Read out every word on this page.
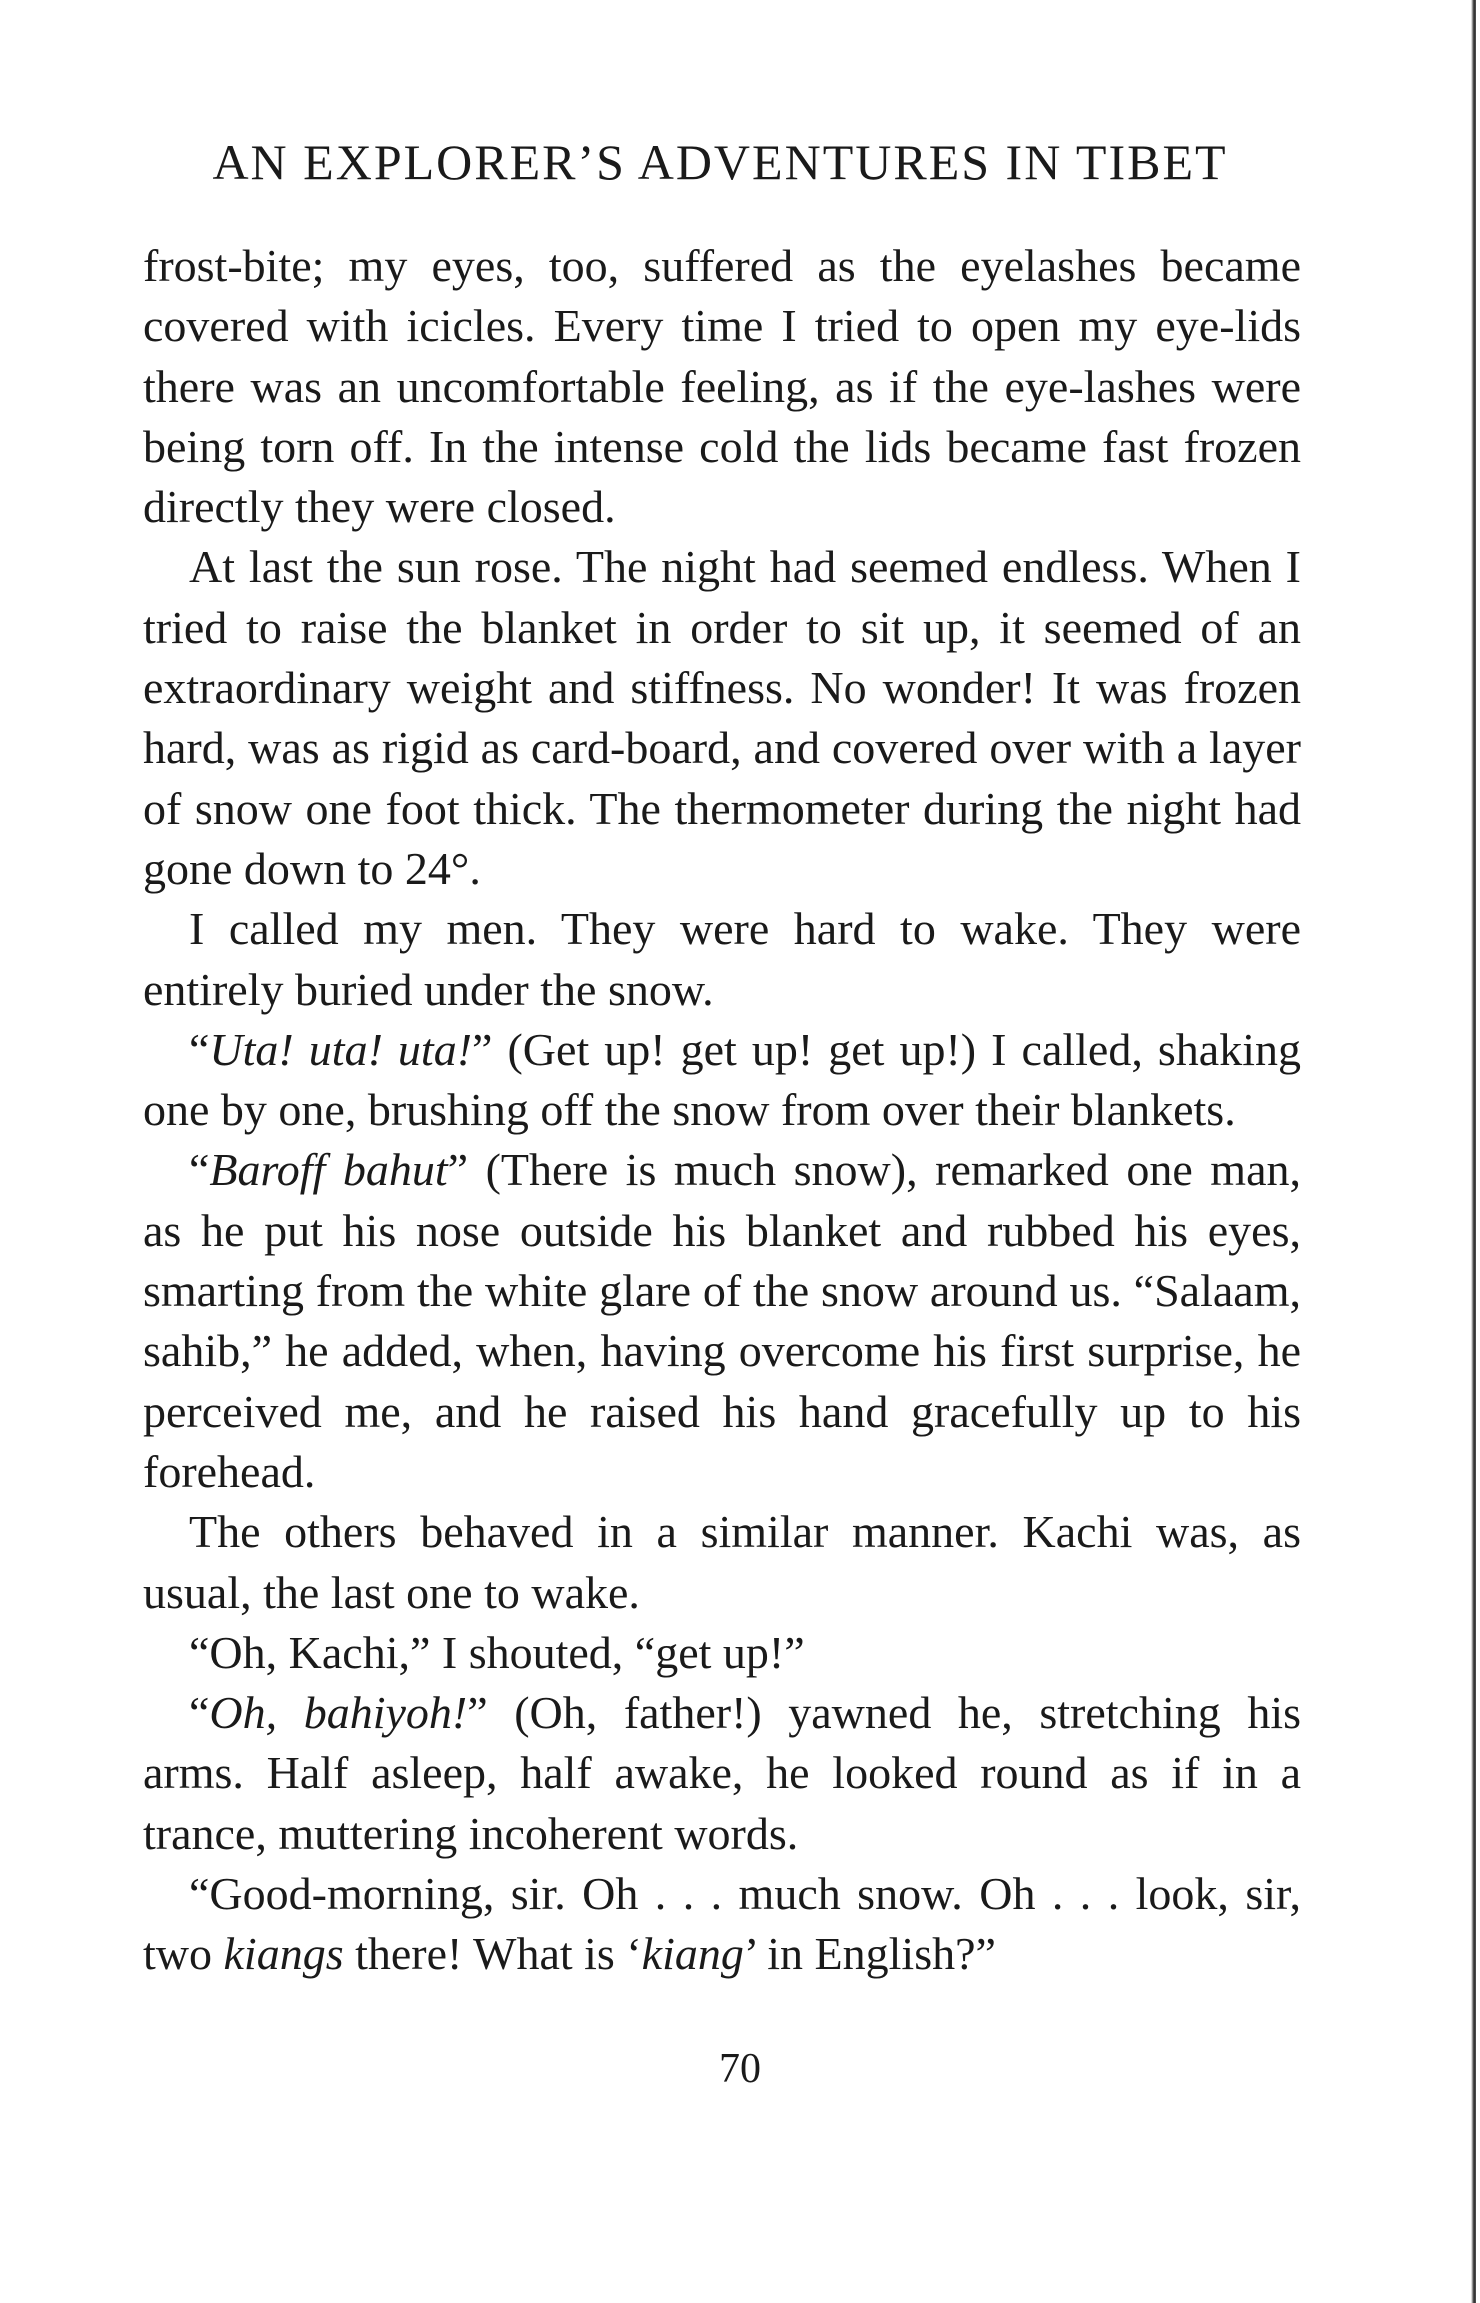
AN EXPLORER’S ADVENTURES IN TIBET

frost-bite; my eyes, too, suffered as the eyelashes became covered with icicles. Every time I tried to open my eye-lids there was an uncomfortable feeling, as if the eye-lashes were being torn off. In the intense cold the lids became fast frozen directly they were closed.

At last the sun rose. The night had seemed endless. When I tried to raise the blanket in order to sit up, it seemed of an extraordinary weight and stiffness. No wonder! It was frozen hard, was as rigid as card-board, and covered over with a layer of snow one foot thick. The thermometer during the night had gone down to 24°.

I called my men. They were hard to wake. They were entirely buried under the snow.

“Uta! uta! uta!” (Get up! get up! get up!) I called, shaking one by one, brushing off the snow from over their blankets.

“Baroff bahut” (There is much snow), remarked one man, as he put his nose outside his blanket and rubbed his eyes, smarting from the white glare of the snow around us. “Salaam, sahib,” he added, when, having overcome his first surprise, he perceived me, and he raised his hand gracefully up to his forehead.

The others behaved in a similar manner. Kachi was, as usual, the last one to wake.

“Oh, Kachi,” I shouted, “get up!”

“Oh, bahiyoh!” (Oh, father!) yawned he, stretching his arms. Half asleep, half awake, he looked round as if in a trance, muttering incoherent words.

“Good-morning, sir. Oh . . . much snow. Oh . . . look, sir, two kiangs there! What is ‘kiang’ in English?”

70
